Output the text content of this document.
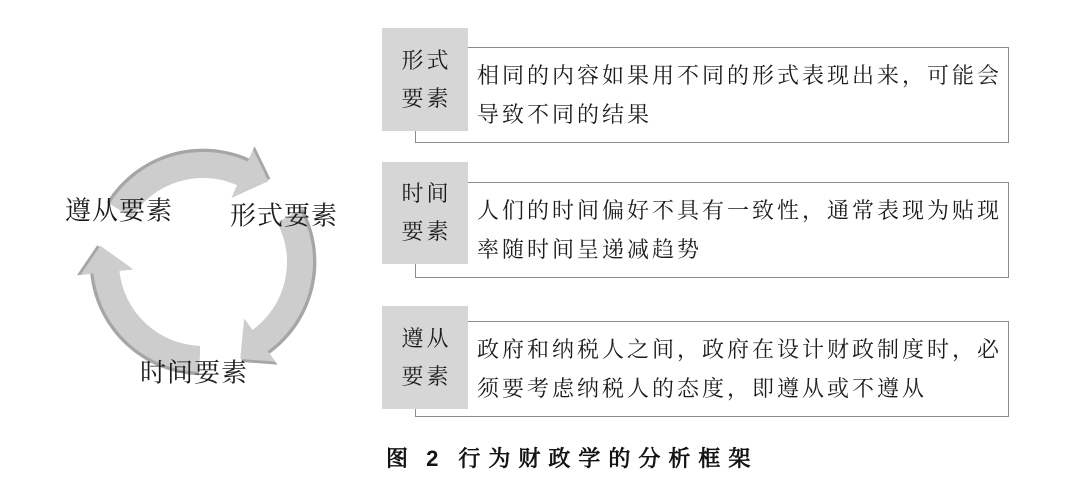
遵从要素 形式要素
时间要素
相同的内容如果用不同的形式表现出来，可能会
导致不同的结果
形式
要素
人们的时间偏好不具有一致性，通常表现为贴现
率随时间呈递减趋势
时间
要素
政府和纳税人之间，政府在设计财政制度时，必
须要考虑纳税人的态度，即遵从或不遵从
遵从
要素
图 2 行为财政学的分析框架
